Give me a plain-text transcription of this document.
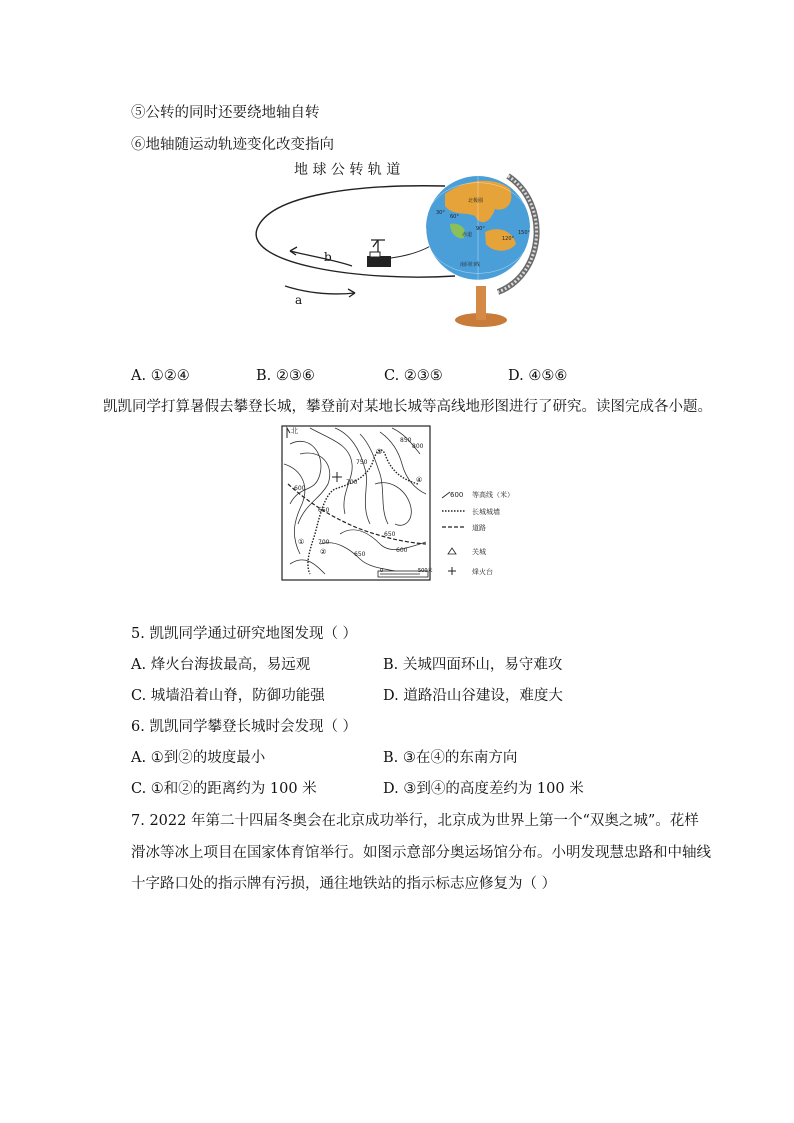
⑤公转的同时还要绕地轴自转
⑥地轴随运动轨迹变化改变指向
地 球 公 转 轨 道
b
a
30°
60°
90°
120°
150°
北极圈
赤道
南回归线
A. ①②④	B. ②③⑥	C. ②③⑤	D. ④⑤⑥
凯凯同学打算暑假去攀登长城，攀登前对某地长城等高线地形图进行了研究。读图完成各小题。
北
①
②
③
④
850
800
750
700
650
600
600
650
700
650
0	500米
600 等高线（米）
长城城墙
道路
关城
烽火台
5. 凯凯同学通过研究地图发现（ ）
A. 烽火台海拔最高，易远观	B. 关城四面环山，易守难攻
C. 城墙沿着山脊，防御功能强	D. 道路沿山谷建设，难度大
6. 凯凯同学攀登长城时会发现（ ）
A. ①到②的坡度最小	B. ③在④的东南方向
C. ①和②的距离约为 100 米	D. ③到④的高度差约为 100 米
7. 2022 年第二十四届冬奥会在北京成功举行，北京成为世界上第一个“双奥之城”。花样
滑冰等冰上项目在国家体育馆举行。如图示意部分奥运场馆分布。小明发现慧忠路和中轴线
十字路口处的指示牌有污损，通往地铁站的指示标志应修复为（ ）
